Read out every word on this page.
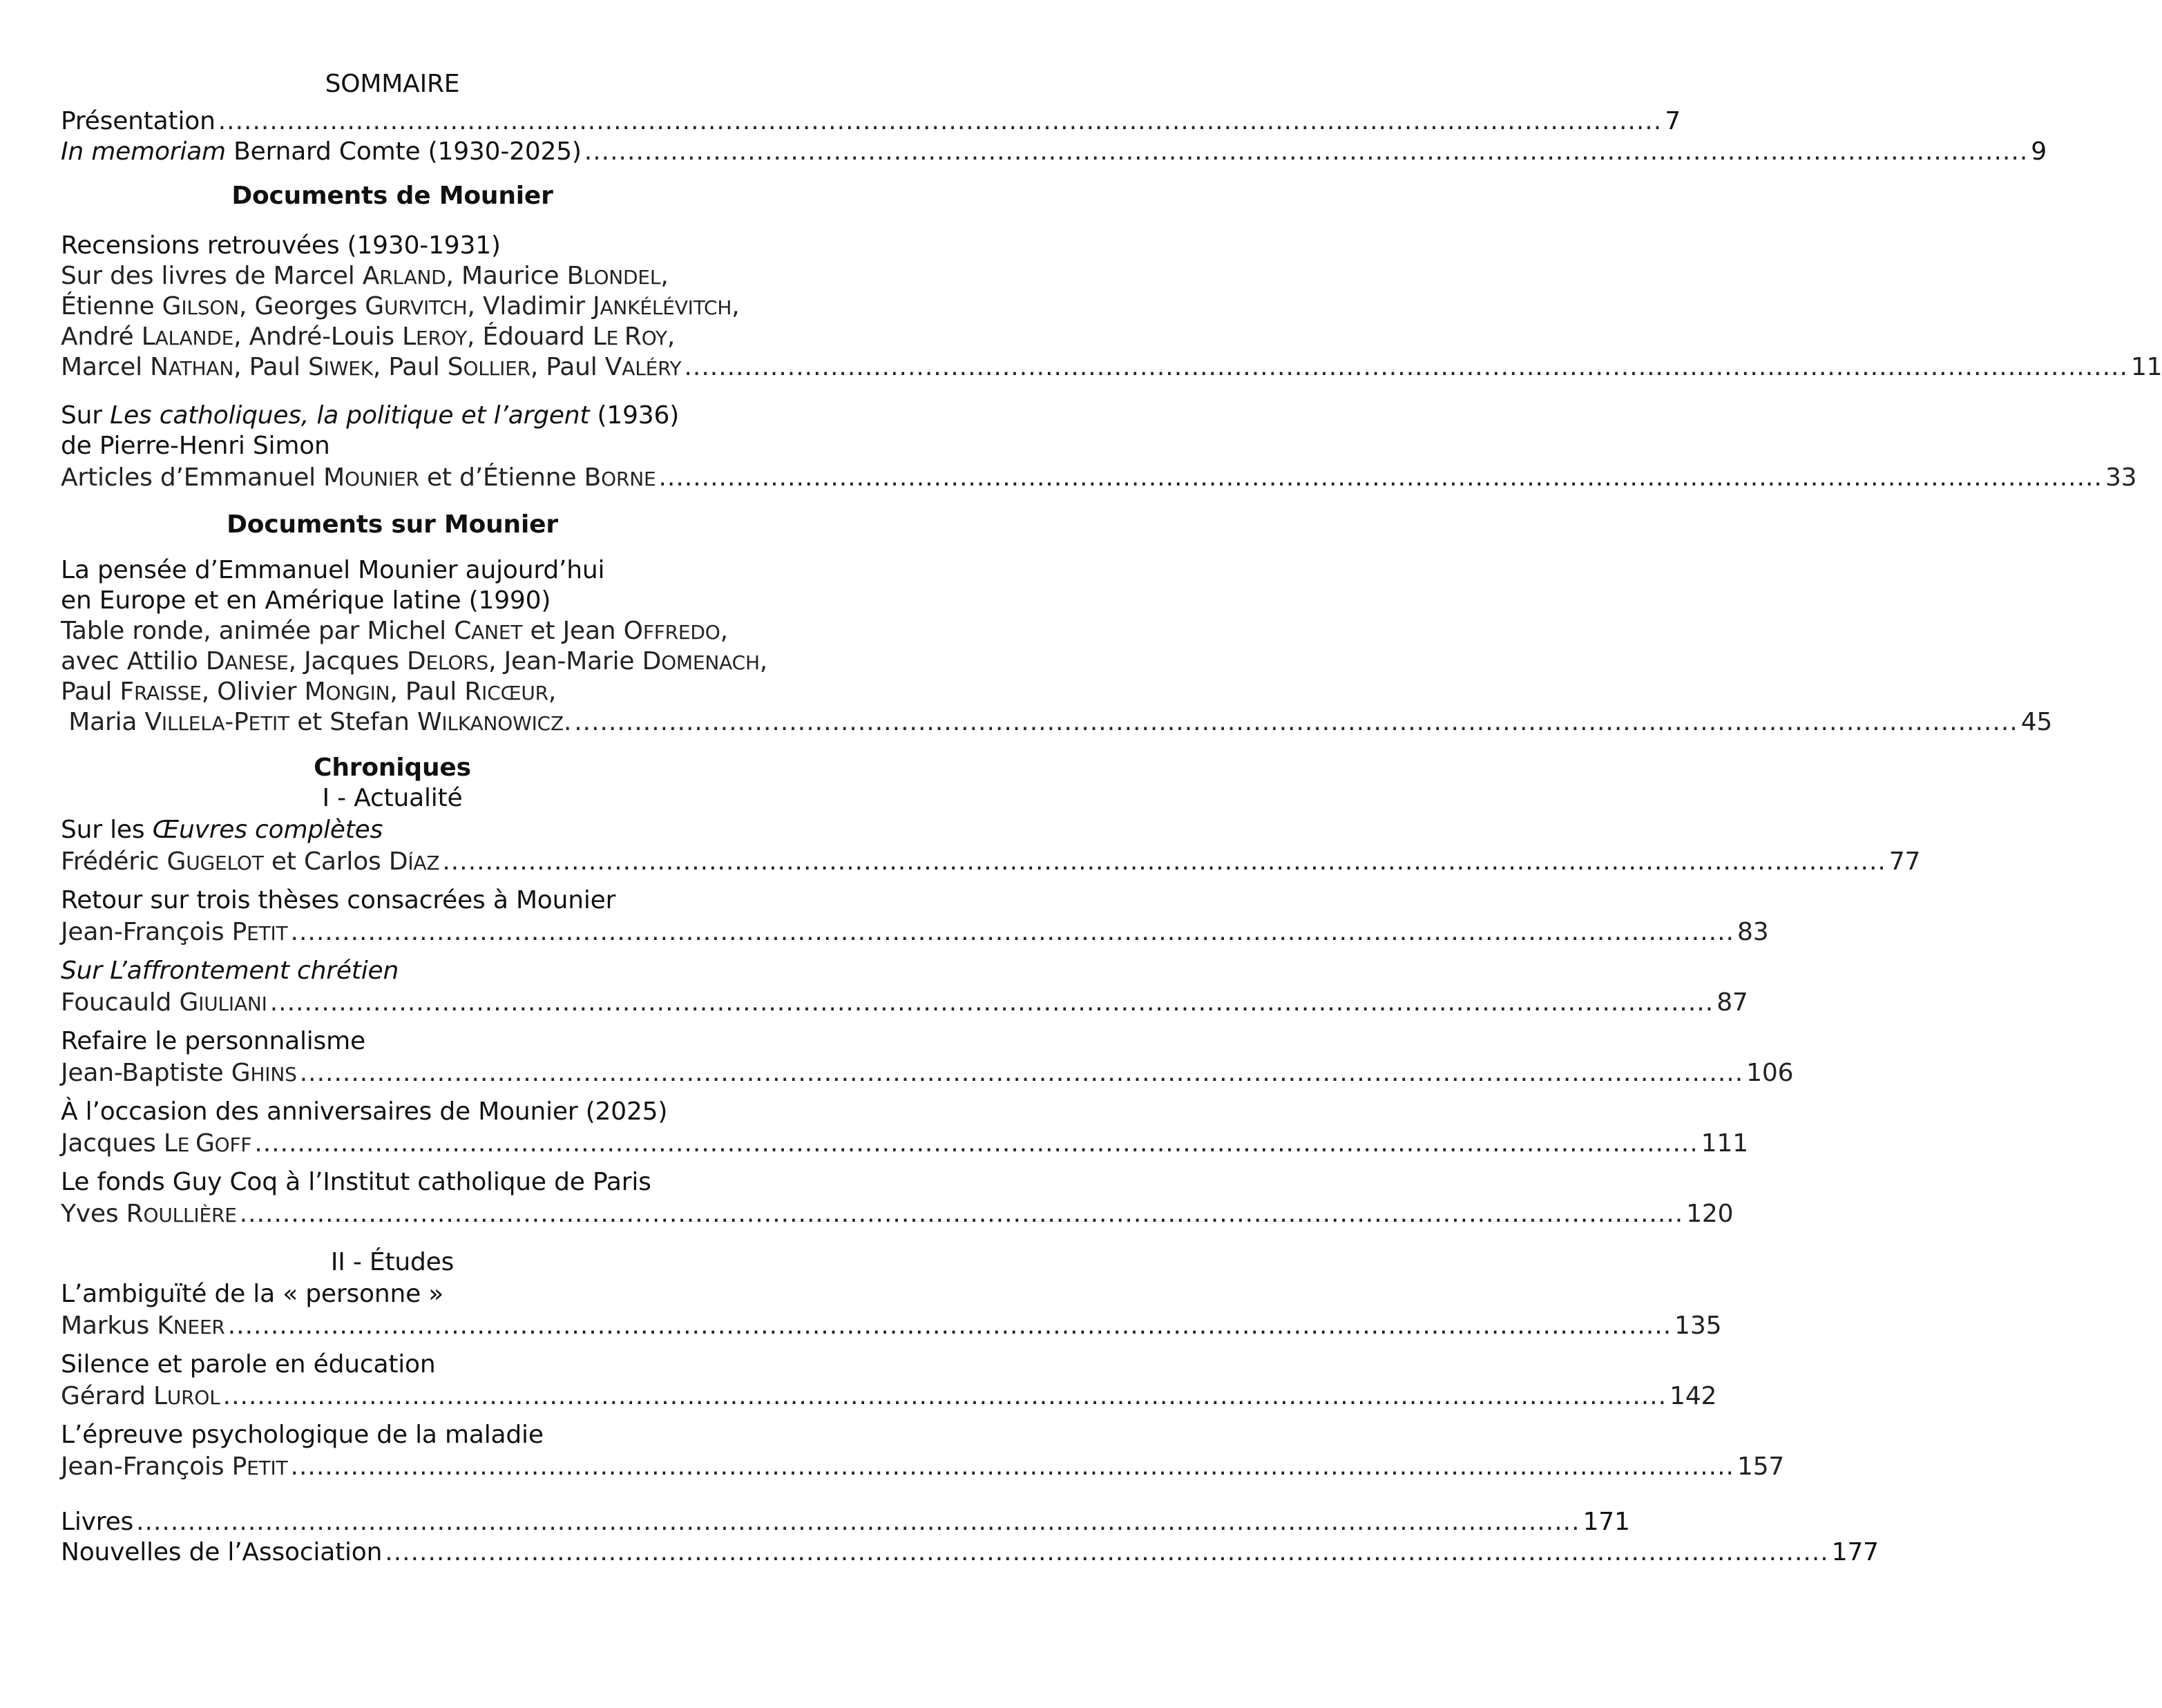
SOMMAIRE
Présentation .....	7
In memoriam Bernard Comte (1930-2025) .....	9
Documents de Mounier
Recensions retrouvées (1930-1931)
Sur des livres de Marcel A RLAND , Maurice B LONDEL ,
Étienne G ILSON , Georges G URVITCH , Vladimir J ANKÉLÉVITCH ,
André L ALANDE , André-Louis L EROY , Édouard L E R OY ,
Marcel N ATHAN , Paul S IWEK , Paul S OLLIER , Paul V ALÉRY .....	11
Sur Les catholiques, la politique et l’argent (1936)
de Pierre-Henri Simon
Articles d’Emmanuel M OUNIER et d’Étienne B ORNE .....	33
Documents sur Mounier
La pensée d’Emmanuel Mounier aujourd’hui
en Europe et en Amérique latine (1990)
Table ronde, animée par Michel C ANET et Jean O FFREDO ,
avec Attilio D ANESE , Jacques D ELORS , Jean-Marie D OMENACH ,
Paul F RAISSE , Olivier M ONGIN , Paul R ICŒUR ,
Maria V ILLELA -P ETIT et Stefan W ILKANOWICZ . .....	45
Chroniques
I - Actualité
Sur les Œuvres complètes
Frédéric G UGELOT et Carlos D ÍAZ .....	77
Retour sur trois thèses consacrées à Mounier
Jean-François P ETIT .....	83
Sur L’affrontement chrétien
Foucauld G IULIANI .....	87
Refaire le personnalisme
Jean-Baptiste G HINS .....	106
À l’occasion des anniversaires de Mounier (2025)
Jacques L E G OFF .....	111
Le fonds Guy Coq à l’Institut catholique de Paris
Yves R OULLIÈRE .....	120
II - Études
L’ambiguïté de la « personne »
Markus K NEER .....	135
Silence et parole en éducation
Gérard L UROL .....	142
L’épreuve psychologique de la maladie
Jean-François P ETIT .....	157
Livres .....	171
Nouvelles de l’Association .....	177
